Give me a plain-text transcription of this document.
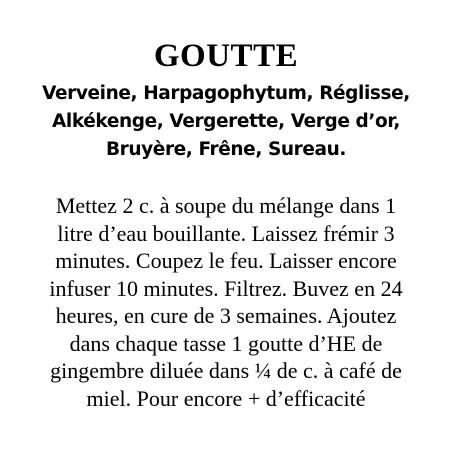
GOUTTE

Verveine, Harpagophytum, Réglisse,
Alkékenge, Vergerette, Verge d’or,
Bruyère, Frêne, Sureau.

Mettez 2 c. à soupe du mélange dans 1
litre d’eau bouillante. Laissez frémir 3
minutes. Coupez le feu. Laisser encore
infuser 10 minutes. Filtrez. Buvez en 24
heures, en cure de 3 semaines. Ajoutez
dans chaque tasse 1 goutte d’HE de
gingembre diluée dans ¼ de c. à café de
miel. Pour encore + d’efficacité
